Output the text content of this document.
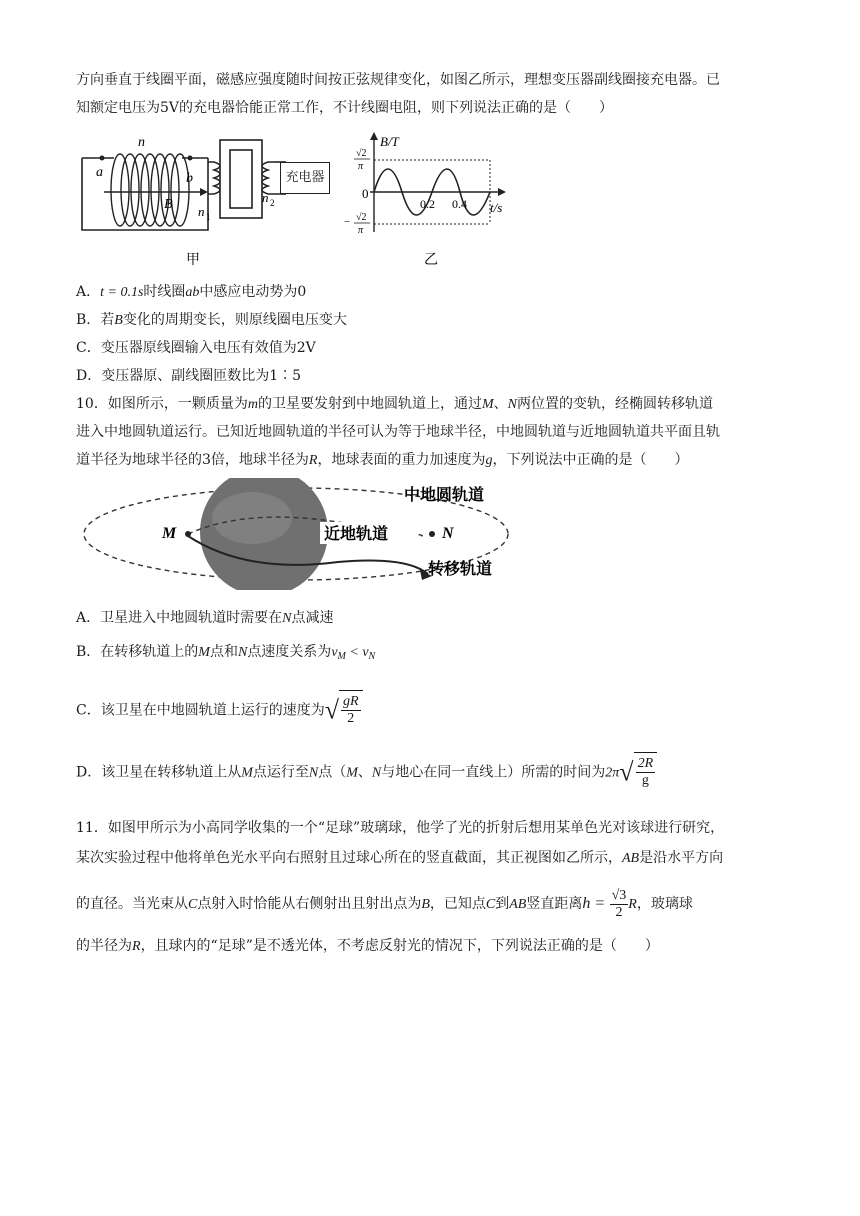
方向垂直于线圈平面，磁感应强度随时间按正弦规律变化，如图乙所示，理想变压器副线圈接充电器。已
知额定电压为5V的充电器恰能正常工作，不计线圈电阻，则下列说法正确的是（　　）
a	b
n
B n 1
n 2
甲
充电器
B/T
t/s
0
0.2 0.4
√2
π
− √2
π
乙
A．t = 0.1s时线圈ab中感应电动势为0
B．若B变化的周期变长，则原线圈电压变大
C．变压器原线圈输入电压有效值为2V
D．变压器原、副线圈匝数比为1∶5
10．如图所示，一颗质量为m的卫星要发射到中地圆轨道上，通过M、N两位置的变轨，经椭圆转移轨道
进入中地圆轨道运行。已知近地圆轨道的半径可认为等于地球半径，中地圆轨道与近地圆轨道共平面且轨
道半径为地球半径的3倍，地球半径为R，地球表面的重力加速度为g，下列说法中正确的是（　　）
M	N
中地圆轨道
近地轨道
转移轨道
A．卫星进入中地圆轨道时需要在N点减速
B．在转移轨道上的M点和N点速度关系为$v_M < v_N$
C．该卫星在中地圆轨道上运行的速度为√ $\frac{gR}{2}$
D．该卫星在转移轨道上从M点运行至N点（M、N与地心在同一直线上）所需的时间为$2\pi√ \frac{2R}{g}$
11．如图甲所示为小高同学收集的一个“足球”玻璃球，他学了光的折射后想用某单色光对该球进行研究，
某次实验过程中他将单色光水平向右照射且过球心所在的竖直截面，其正视图如乙所示，AB是沿水平方向
的直径。当光束从C点射入时恰能从右侧射出且射出点为B，已知点C到AB竖直距离$h = \frac{√3}{2}$ R，玻璃球
的半径为R，且球内的“足球”是不透光体，不考虑反射光的情况下，下列说法正确的是（　　）
